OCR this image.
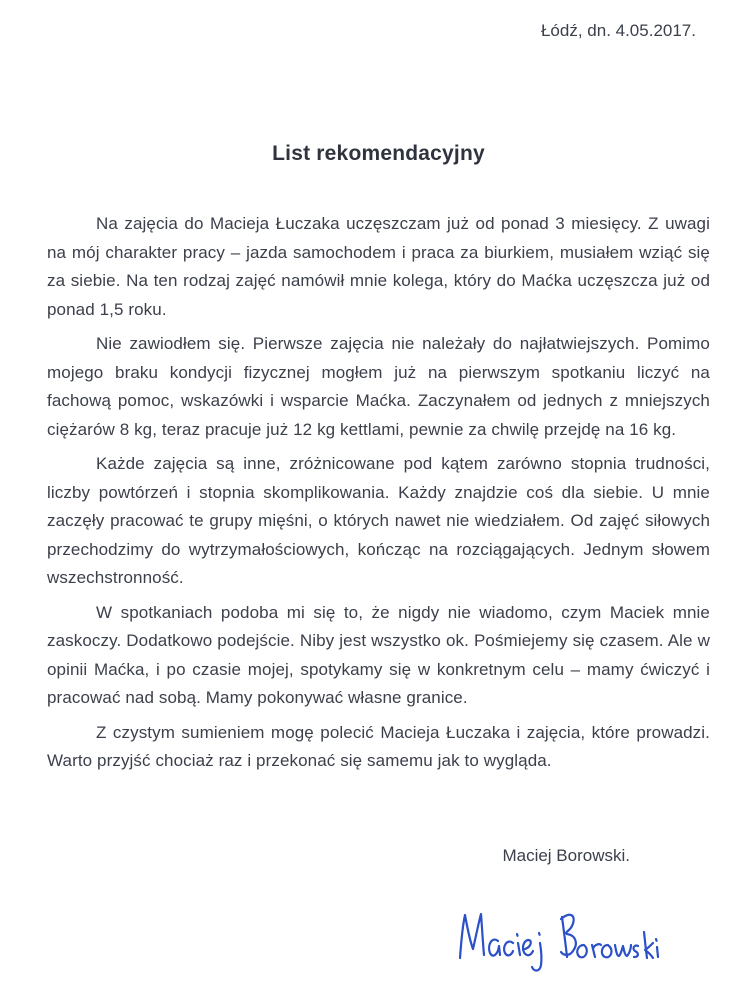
Łódź, dn. 4.05.2017.
List rekomendacyjny

Na zajęcia do Macieja Łuczaka uczęszczam już od ponad 3 miesięcy. Z uwagi na mój charakter pracy – jazda samochodem i praca za biurkiem, musiałem wziąć się za siebie. Na ten rodzaj zajęć namówił mnie kolega, który do Maćka uczęszcza już od ponad 1,5 roku.

Nie zawiodłem się. Pierwsze zajęcia nie należały do najłatwiejszych. Pomimo mojego braku kondycji fizycznej mogłem już na pierwszym spotkaniu liczyć na fachową pomoc, wskazówki i wsparcie Maćka. Zaczynałem od jednych z mniejszych ciężarów 8 kg, teraz pracuje już 12 kg kettlami, pewnie za chwilę przejdę na 16 kg.

Każde zajęcia są inne, zróżnicowane pod kątem zarówno stopnia trudności, liczby powtórzeń i stopnia skomplikowania. Każdy znajdzie coś dla siebie. U mnie zaczęły pracować te grupy mięśni, o których nawet nie wiedziałem. Od zajęć siłowych przechodzimy do wytrzymałościowych, kończąc na rozciągających. Jednym słowem wszechstronność.

W spotkaniach podoba mi się to, że nigdy nie wiadomo, czym Maciek mnie zaskoczy. Dodatkowo podejście. Niby jest wszystko ok. Pośmiejemy się czasem. Ale w opinii Maćka, i po czasie mojej, spotykamy się w konkretnym celu – mamy ćwiczyć i pracować nad sobą. Mamy pokonywać własne granice.

Z czystym sumieniem mogę polecić Macieja Łuczaka i zajęcia, które prowadzi. Warto przyjść chociaż raz i przekonać się samemu jak to wygląda.

Maciej Borowski.
